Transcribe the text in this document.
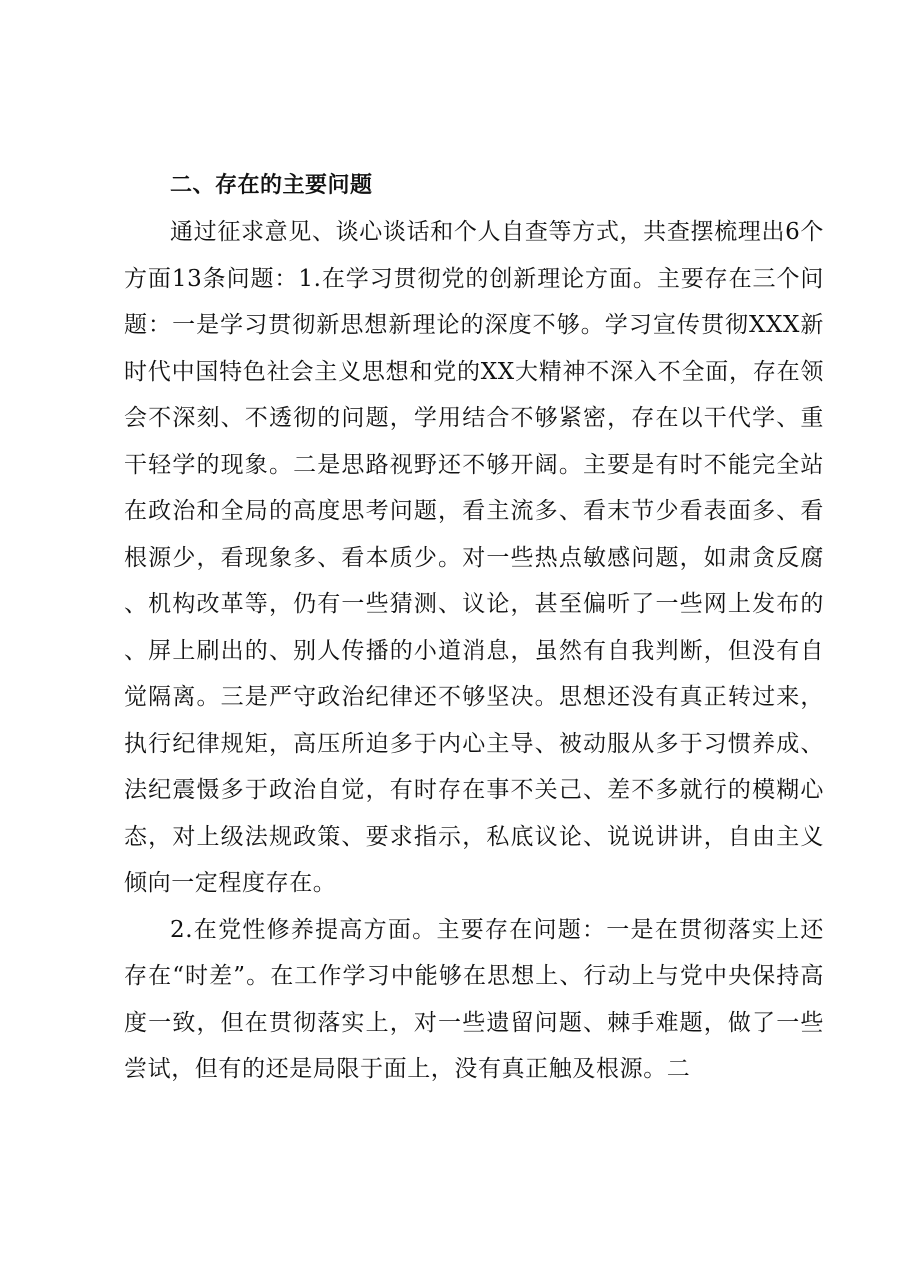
二、存在的主要问题

通过征求意见、谈心谈话和个人自查等方式，共查摆梳理出6个方面13条问题：1.在学习贯彻党的创新理论方面。主要存在三个问题：一是学习贯彻新思想新理论的深度不够。学习宣传贯彻XXX新时代中国特色社会主义思想和党的XX大精神不深入不全面，存在领会不深刻、不透彻的问题，学用结合不够紧密，存在以干代学、重干轻学的现象。二是思路视野还不够开阔。主要是有时不能完全站在政治和全局的高度思考问题，看主流多、看末节少看表面多、看根源少，看现象多、看本质少。对一些热点敏感问题，如肃贪反腐、机构改革等，仍有一些猜测、议论，甚至偏听了一些网上发布的、屏上刷出的、别人传播的小道消息，虽然有自我判断，但没有自觉隔离。三是严守政治纪律还不够坚决。思想还没有真正转过来，执行纪律规矩，高压所迫多于内心主导、被动服从多于习惯养成、法纪震慑多于政治自觉，有时存在事不关己、差不多就行的模糊心态，对上级法规政策、要求指示，私底议论、说说讲讲，自由主义倾向一定程度存在。

2.在党性修养提高方面。主要存在问题：一是在贯彻落实上还存在“时差”。在工作学习中能够在思想上、行动上与党中央保持高度一致，但在贯彻落实上，对一些遗留问题、棘手难题，做了一些尝试，但有的还是局限于面上，没有真正触及根源。二
